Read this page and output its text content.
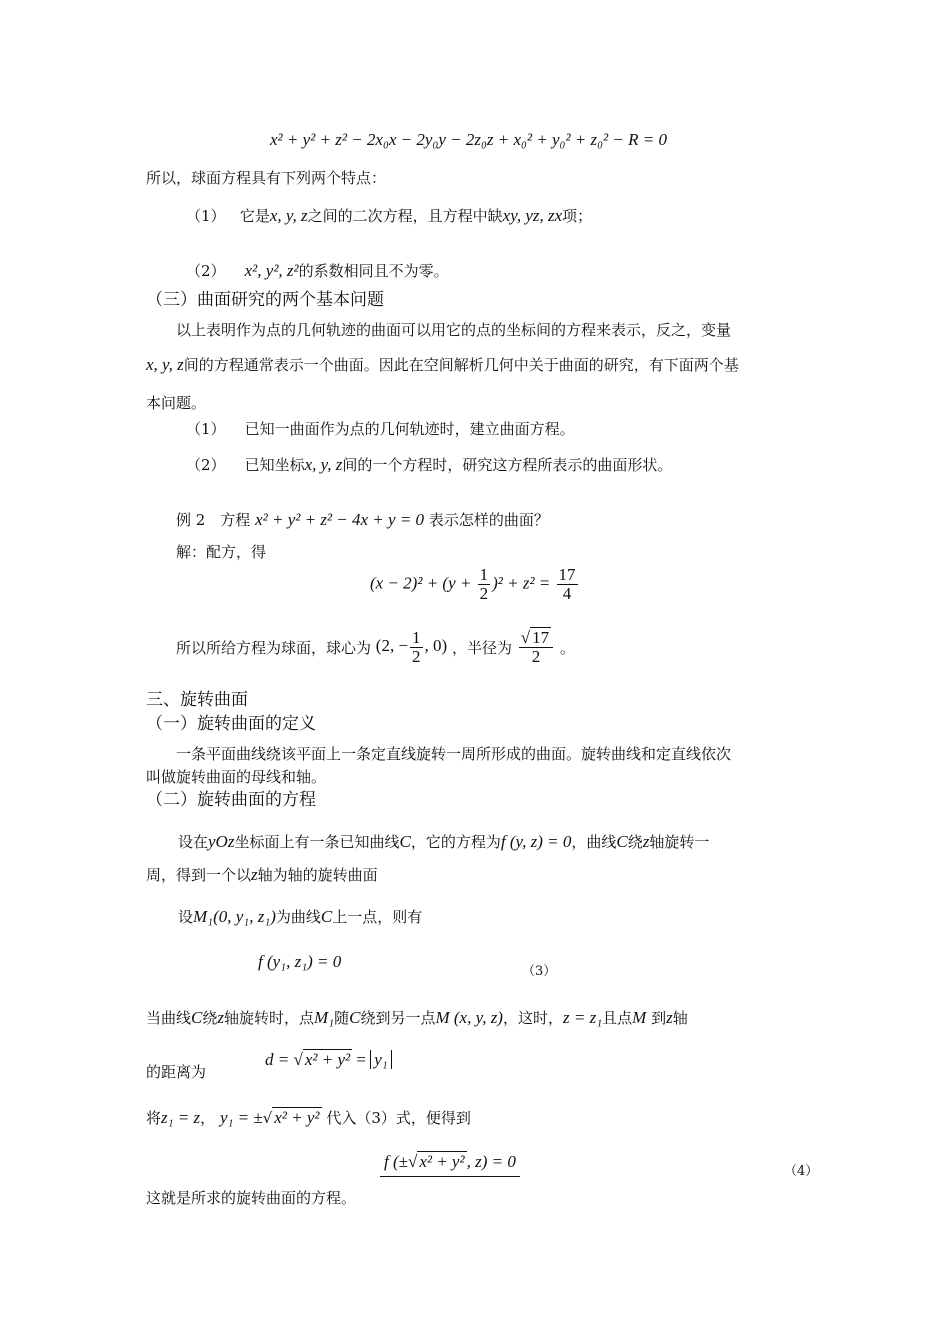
x² + y² + z² − 2x₀x − 2y₀y − 2z₀z + x₀² + y₀² + z₀² − R = 0
所以，球面方程具有下列两个特点：
（1） 它是x, y, z之间的二次方程，且方程中缺xy, yz, zx项；
（2） x², y², z²的系数相同且不为零。
（三）曲面研究的两个基本问题
以上表明作为点的几何轨迹的曲面可以用它的点的坐标间的方程来表示，反之，变量
x, y, z间的方程通常表示一个曲面。因此在空间解析几何中关于曲面的研究，有下面两个基
本问题。
（1） 已知一曲面作为点的几何轨迹时，建立曲面方程。
（2） 已知坐标x, y, z间的一个方程时，研究这方程所表示的曲面形状。
例 2　方程 x² + y² + z² − 4x + y = 0 表示怎样的曲面？
解：配方，得
$(x - 2)^2 + (y + \frac{1}{2} )^2 + z^2 = \frac{17}{4}$
所以所给方程为球面，球心为 (2, − $\frac{1}{2}$ , 0) ，半径为 $\frac{√ 17}{2}$ 。
三、旋转曲面
（一）旋转曲面的定义
一条平面曲线绕该平面上一条定直线旋转一周所形成的曲面。旋转曲线和定直线依次
叫做旋转曲面的母线和轴。
（二）旋转曲面的方程
设在yOz坐标面上有一条已知曲线C，它的方程为f (y, z) = 0，曲线C绕z轴旋转一
周，得到一个以z轴为轴的旋转曲面
设M₁(0, y₁, z₁)为曲线C上一点，则有
f (y₁, z₁) = 0
（3）
当曲线C绕z轴旋转时，点M₁随C绕到另一点M (x, y, z)，这时，z = z₁且点M 到z轴
的距离为
d = √ x² + y² = y₁
将z₁ = z， y₁ = ±√ x² + y² 代入（3）式，便得到
f (±√ x² + y² , z) = 0
（4）
这就是所求的旋转曲面的方程。
